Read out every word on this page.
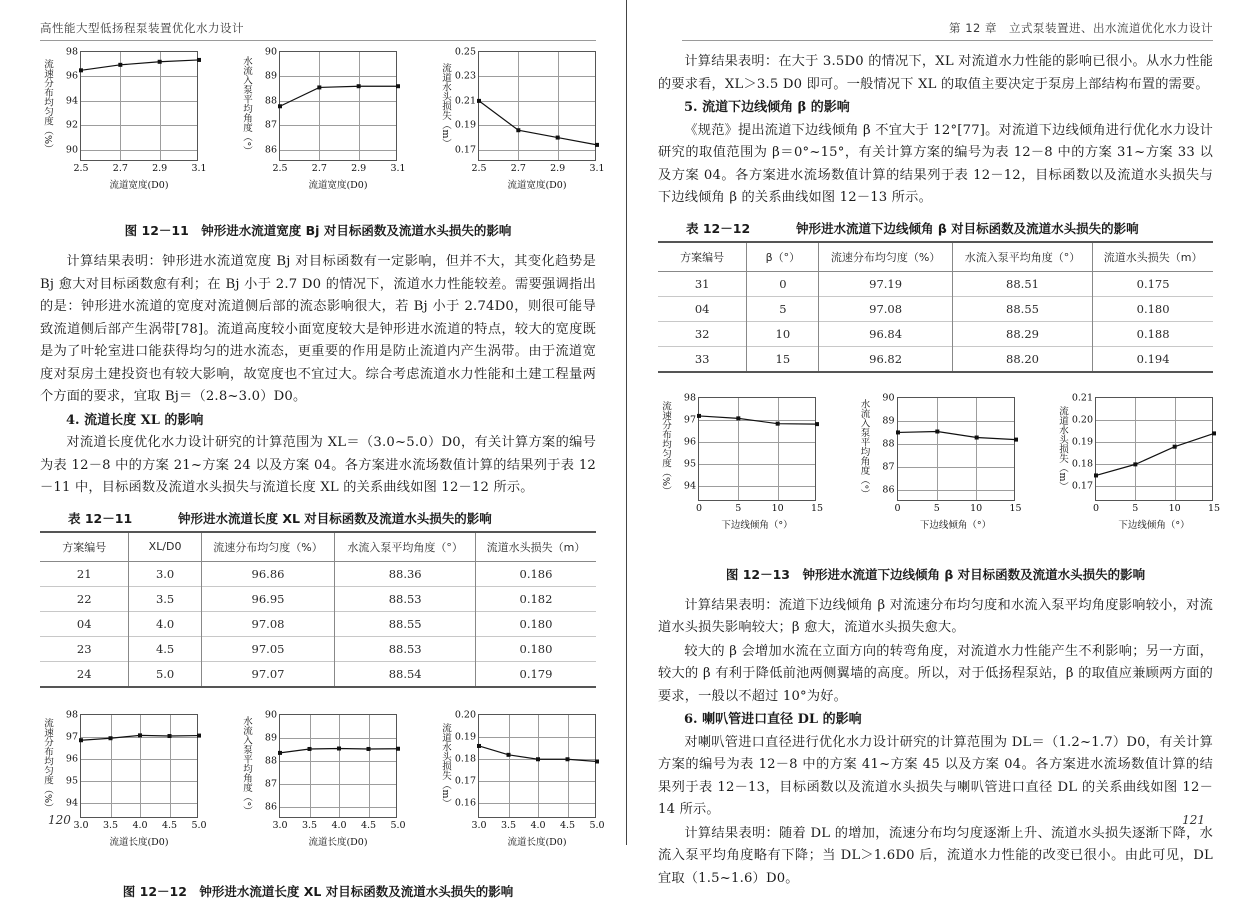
高性能大型低扬程泵装置优化水力设计
90
92
94
96
98
2.5	2.7	2.9	3.1
流道宽度(D0)
流速分布均匀度（%）	86
87
88
89
90
2.5	2.7	2.9	3.1
流道宽度(D0)
水流入泵平均角度（°）	0.17
0.19
0.21
0.23
0.25
2.5	2.7	2.9	3.1
流道宽度(D0)
流道水头损失（m）
图 12－11　钟形进水流道宽度 Bj 对目标函数及流道水头损失的影响

计算结果表明：钟形进水流道宽度 Bj 对目标函数有一定影响，但并不大，其变化趋势是 Bj 愈大对目标函数愈有利；在 Bj 小于 2.7 D0 的情况下，流道水力性能较差。需要强调指出的是：钟形进水流道的宽度对流道侧后部的流态影响很大，若 Bj 小于 2.74D0，则很可能导致流道侧后部产生涡带[78]。流道高度较小面宽度较大是钟形进水流道的特点，较大的宽度既是为了叶轮室进口能获得均匀的进水流态，更重要的作用是防止流道内产生涡带。由于流道宽度对泵房土建投资也有较大影响，故宽度也不宜过大。综合考虑流道水力性能和土建工程量两个方面的要求，宜取 Bj＝（2.8~3.0）D0。

4. 流道长度 XL 的影响

对流道长度优化水力设计研究的计算范围为 XL＝（3.0~5.0）D0，有关计算方案的编号为表 12－8 中的方案 21~方案 24 以及方案 04。各方案进水流场数值计算的结果列于表 12－11 中，目标函数及流道水头损失与流道长度 XL 的关系曲线如图 12－12 所示。

表 12－11	钟形进水流道长度 XL 对目标函数及流道水头损失的影响
方案编号	XL/D0	流速分布均匀度（%）	水流入泵平均角度（°）	流道水头损失（m）
21	3.0	96.86	88.36	0.186
22	3.5	96.95	88.53	0.182
04	4.0	97.08	88.55	0.180
23	4.5	97.05	88.53	0.180
24	5.0	97.07	88.54	0.179
94
95
96
97
98
3.0 3.5 4.0 4.5 5.0
流道长度(D0)
流速分布均匀度（%）	86
87
88
89
90
3.0 3.5 4.0 4.5 5.0
流道长度(D0)
水流入泵平均角度（°）	0.16
0.17
0.18
0.19
0.20
3.0 3.5 4.0 4.5 5.0
流道长度(D0)
流道水头损失（m）
图 12－12　钟形进水流道长度 XL 对目标函数及流道水头损失的影响
120
第 12 章　立式泵装置进、出水流道优化水力设计

计算结果表明：在大于 3.5D0 的情况下，XL 对流道水力性能的影响已很小。从水力性能的要求看，XL＞3.5 D0 即可。一般情况下 XL 的取值主要决定于泵房上部结构布置的需要。

5. 流道下边线倾角 β 的影响

《规范》提出流道下边线倾角 β 不宜大于 12°[77]。对流道下边线倾角进行优化水力设计研究的取值范围为 β＝0°~15°，有关计算方案的编号为表 12－8 中的方案 31~方案 33 以及方案 04。各方案进水流场数值计算的结果列于表 12－12，目标函数以及流道水头损失与下边线倾角 β 的关系曲线如图 12－13 所示。

表 12－12	钟形进水流道下边线倾角 β 对目标函数及流道水头损失的影响
方案编号	β（°）	流速分布均匀度（%）	水流入泵平均角度（°）	流道水头损失（m）
31	0	97.19	88.51	0.175
04	5	97.08	88.55	0.180
32	10	96.84	88.29	0.188
33	15	96.82	88.20	0.194
94
95
96
97
98
0	5	10	15
下边线倾角（°）
流速分布均匀度（%）	86
87
88
89
90
0	5	10	15
下边线倾角（°）
水流入泵平均角度（°）	0.17
0.18
0.19
0.20
0.21
0	5	10	15
下边线倾角（°）
流道水头损失（m）
图 12－13　钟形进水流道下边线倾角 β 对目标函数及流道水头损失的影响

计算结果表明：流道下边线倾角 β 对流速分布均匀度和水流入泵平均角度影响较小，对流道水头损失影响较大；β 愈大，流道水头损失愈大。

较大的 β 会增加水流在立面方向的转弯角度，对流道水力性能产生不利影响；另一方面，较大的 β 有利于降低前池两侧翼墙的高度。所以，对于低扬程泵站，β 的取值应兼顾两方面的要求，一般以不超过 10°为好。

6. 喇叭管进口直径 DL 的影响

对喇叭管进口直径进行优化水力设计研究的计算范围为 DL＝（1.2~1.7）D0，有关计算方案的编号为表 12－8 中的方案 41~方案 45 以及方案 04。各方案进水流场数值计算的结果列于表 12－13，目标函数以及流道水头损失与喇叭管进口直径 DL 的关系曲线如图 12－14 所示。

计算结果表明：随着 DL 的增加，流速分布均匀度逐渐上升、流道水头损失逐渐下降，水流入泵平均角度略有下降；当 DL＞1.6D0 后，流道水力性能的改变已很小。由此可见，DL 宜取（1.5~1.6）D0。

121
